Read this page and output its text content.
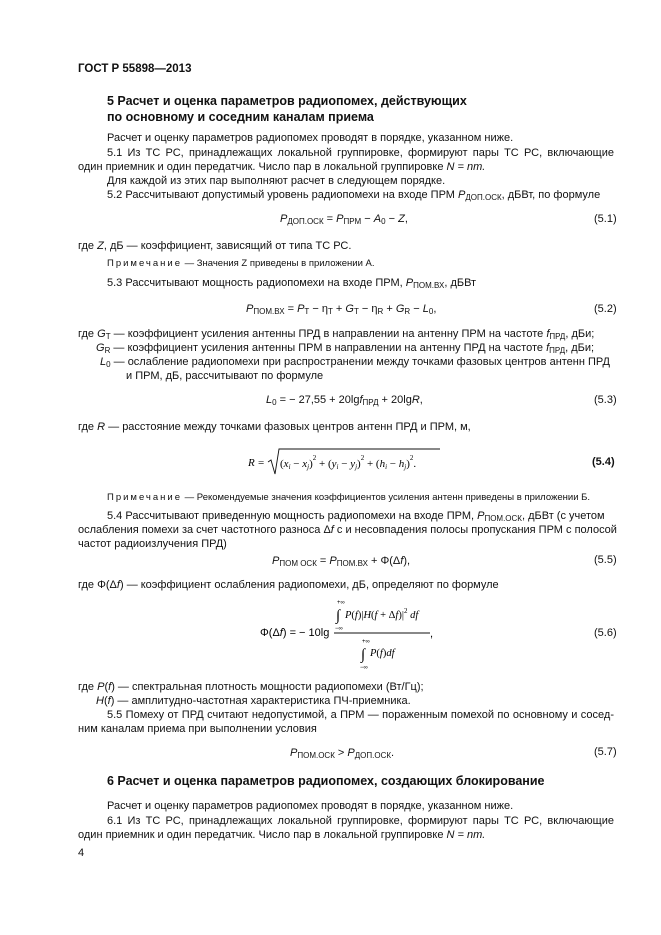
ГОСТ Р 55898—2013
5 Расчет и оценка параметров радиопомех, действующих
по основному и соседним каналам приема
Расчет и оценку параметров радиопомех проводят в порядке, указанном ниже.
5.1 Из ТС РС, принадлежащих локальной группировке, формируют пары ТС РС, включающие
один приемник и один передатчик. Число пар в локальной группировке N = nm.
Для каждой из этих пар выполняют расчет в следующем порядке.
5.2 Рассчитывают допустимый уровень радиопомехи на входе ПРМ $P_{ДОП.ОСК}$, дБВт, по формуле
$P_{ДОП.ОСК} = P_{ПРМ} - A_0 - Z$,	(5.1)
где Z, дБ — коэффициент, зависящий от типа ТС РС.
Примечание — Значения Z приведены в приложении А.
5.3 Рассчитывают мощность радиопомехи на входе ПРМ, $P_{ПОМ.ВХ}$, дБВт
$P_{ПОМ.ВХ} = P_Т - \eta_Т + G_Т - \eta_R + G_R - L_0$,	(5.2)
где $G_Т$ — коэффициент усиления антенны ПРД в направлении на антенну ПРМ на частоте $f_{ПРД}$, дБи;
$G_R$ — коэффициент усиления антенны ПРМ в направлении на антенну ПРД на частоте $f_{ПРД}$, дБи;
$L_0$ — ослабление радиопомехи при распространении между точками фазовых центров антенн ПРД
и ПРМ, дБ, рассчитывают по формуле
$L_0$ = − 27,55 + 20lgf$_{ПРД}$ + 20lgR,	(5.3)
где R — расстояние между точками фазовых центров антенн ПРД и ПРМ, м,
R = (xi − xj)$^2$ + (yi − yj)$^2$ + (hi − hj)$^2$.	(5.4)
Примечание — Рекомендуемые значения коэффициентов усиления антенн приведены в приложении Б.
5.4 Рассчитывают приведенную мощность радиопомехи на входе ПРМ, $P_{ПОМ.ОСК}$, дБВт (с учетом
ослабления помехи за счет частотного разноса Δf с и несовпадения полосы пропускания ПРМ с полосой
частот радиоизлучения ПРД)
$P_{ПОМ ОСК} = P_{ПОМ.ВХ} + \Phi(\Delta f)$,	(5.5)
где Φ(Δf) — коэффициент ослабления радиопомехи, дБ, определяют по формуле
Φ(Δf) = − 10lg
+∞
∫
−∞
$P(f)|H(f + \Delta f)|^2$ df
,
+∞
∫
−∞
P(f)df
(5.6)
где P(f) — спектральная плотность мощности радиопомехи (Вт/Гц);
H(f) — амплитудно-частотная характеристика ПЧ-приемника.
5.5 Помеху от ПРД считают недопустимой, а ПРМ — пораженным помехой по основному и сосед-
ним каналам приема при выполнении условия
$P_{ПОМ.ОСК} > P_{ДОП.ОСК}$.	(5.7)
6 Расчет и оценка параметров радиопомех, создающих блокирование
Расчет и оценку параметров радиопомех проводят в порядке, указанном ниже.
6.1 Из ТС РС, принадлежащих локальной группировке, формируют пары ТС РС, включающие
один приемник и один передатчик. Число пар в локальной группировке N = nm.
4
